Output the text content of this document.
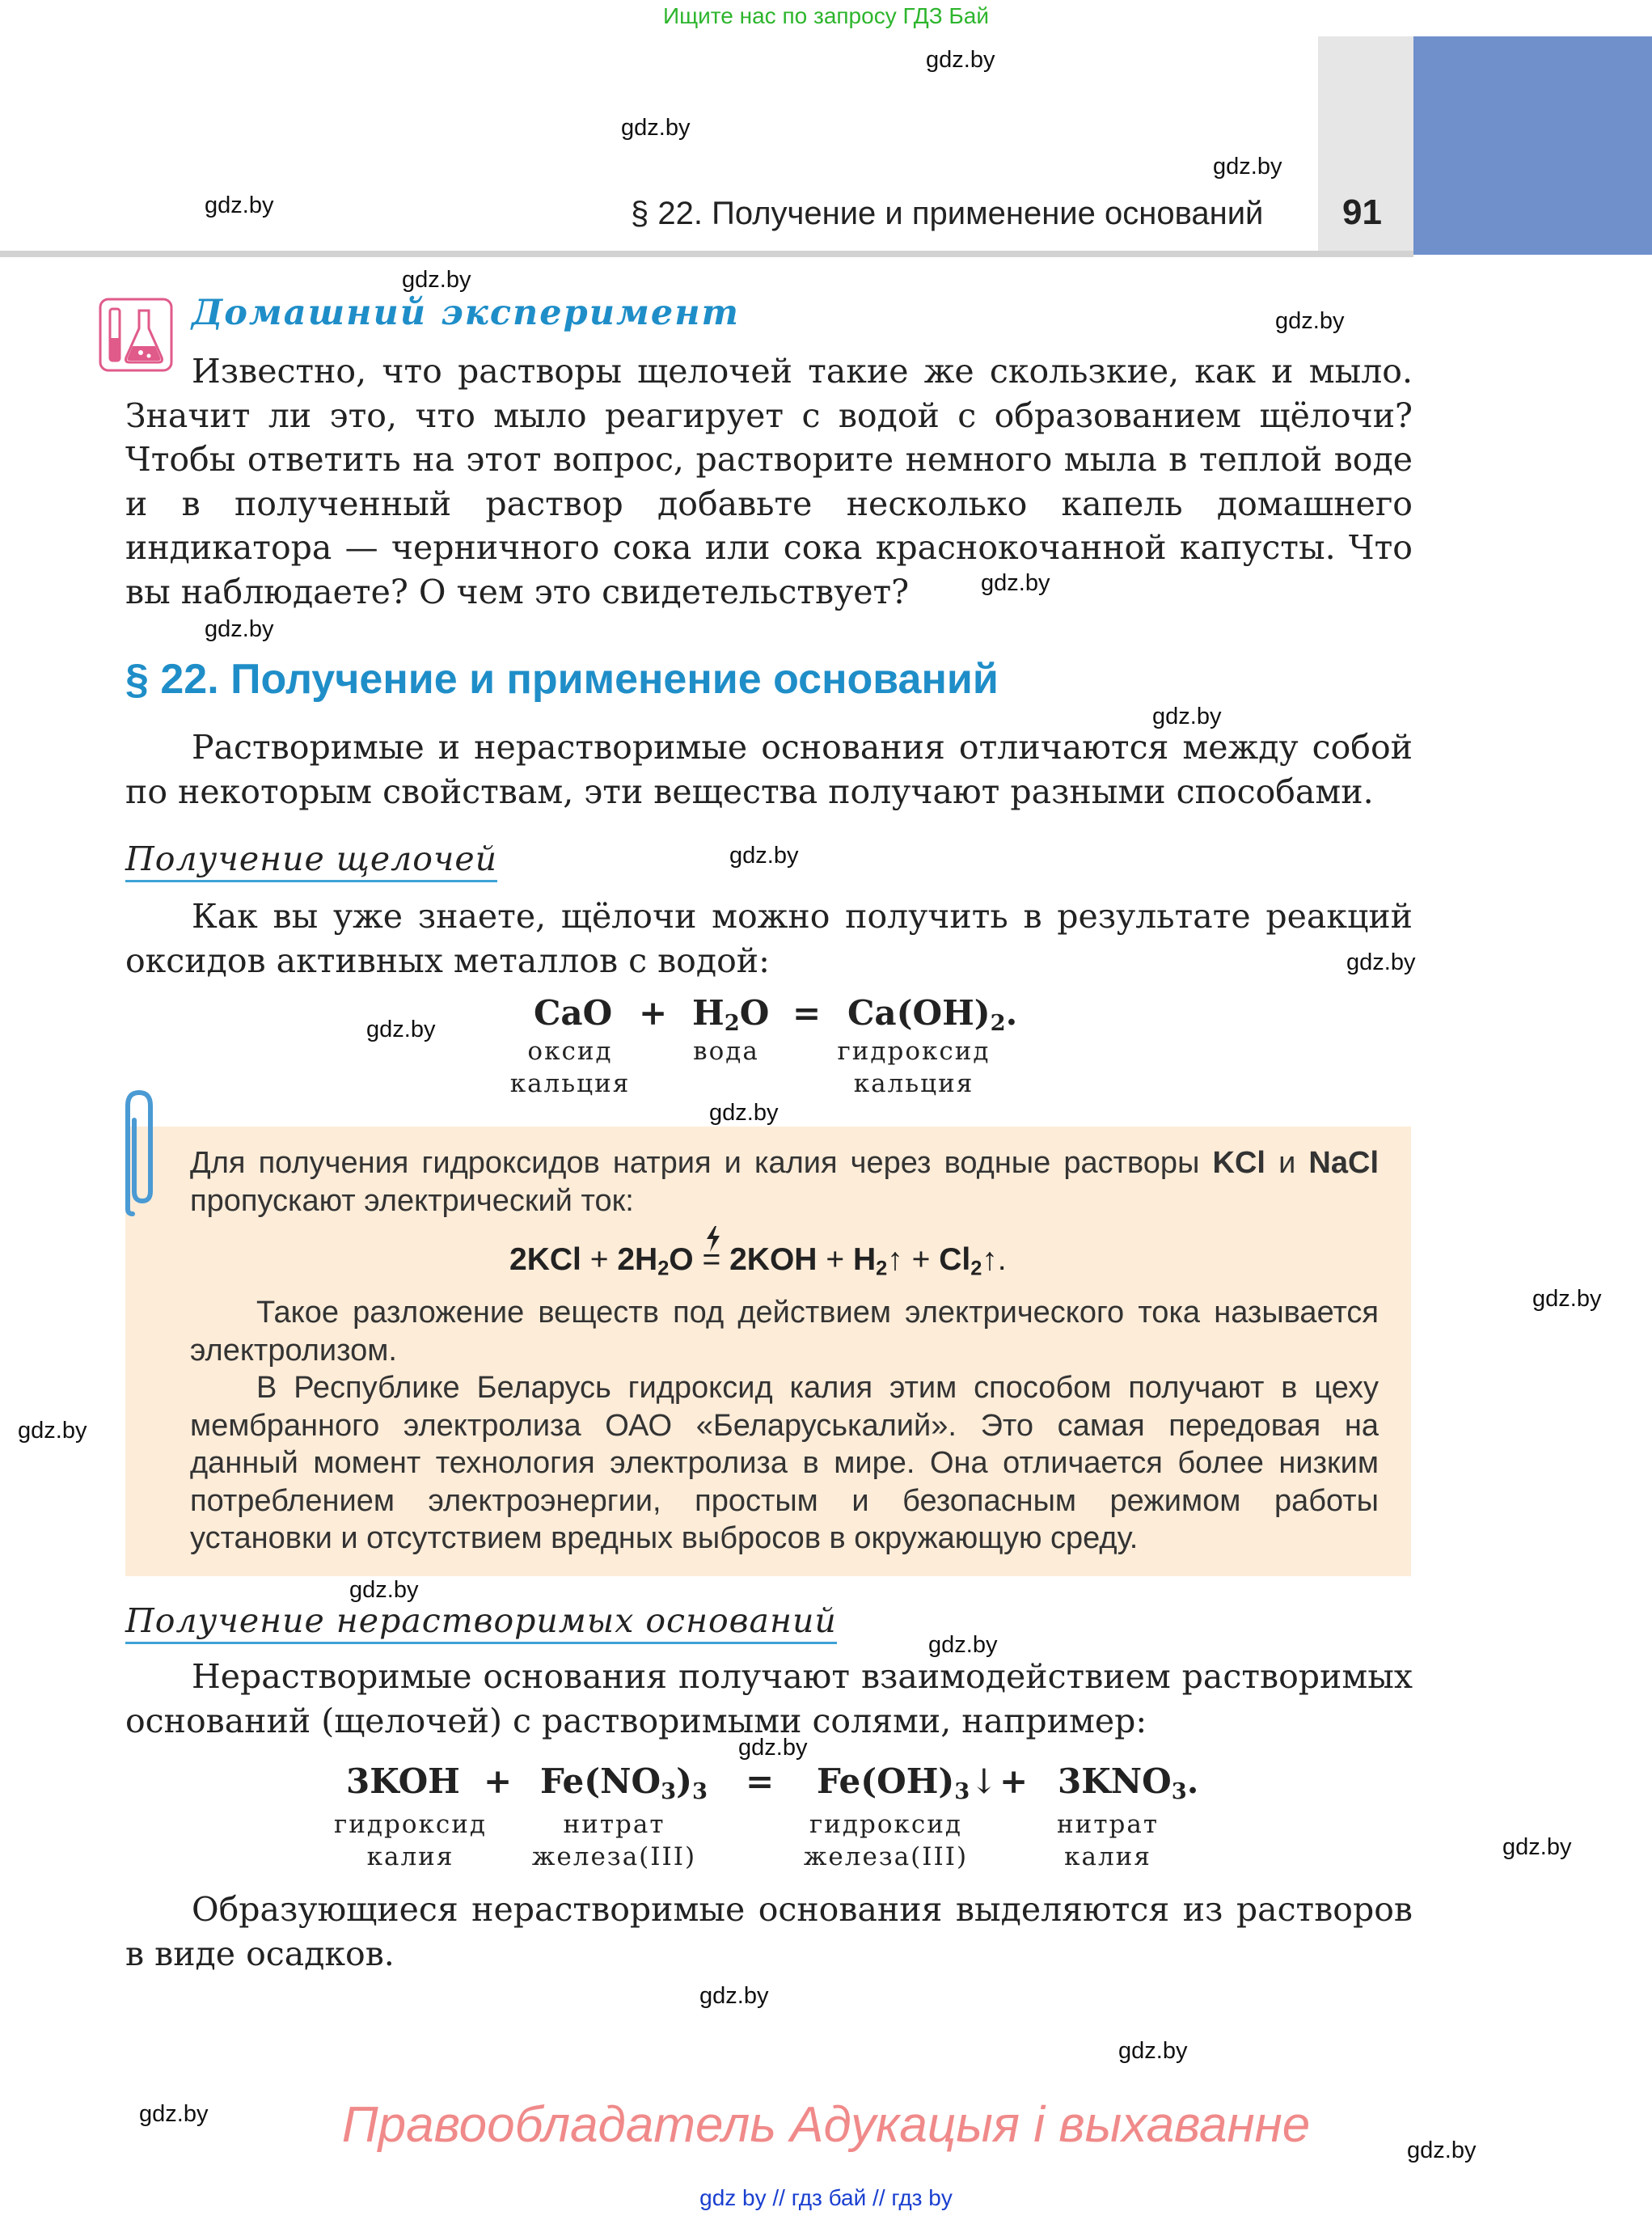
Ищите нас по запросу ГДЗ Бай
§ 22. Получение и применение оснований 91
gdz.by
gdz.by
gdz.by
gdz.by
gdz.by
gdz.by
gdz.by
gdz.by
gdz.by
gdz.by
gdz.by
gdz.by
gdz.by
gdz.by
gdz.by
gdz.by
gdz.by
gdz.by
gdz.by
gdz.by
gdz.by
gdz.by
gdz.by
Домашний эксперимент
Известно, что растворы щелочей такие же скользкие, как и мыло. Значит ли это, что мыло реагирует с водой с образованием щёлочи? Чтобы ответить на этот вопрос, растворите немного мыла в теплой воде и в полученный раствор добавьте несколько капель домашнего индикатора — черничного сока или сока краснокочанной капусты. Что вы наблюдаете? О чем это свидетельствует?
§ 22. Получение и применение оснований
Растворимые и нерастворимые основания отличаются между собой по некоторым свойствам, эти вещества получают разными способами.
Получение щелочей
Как вы уже знаете, щёлочи можно получить в результате реакций оксидов активных металлов с водой:
CaO + $H_2O = Ca(OH)_2$.
оксид
кальция
вода	гидроксид
кальция
Для получения гидроксидов натрия и калия через водные растворы KCl и NaCl пропускают электрический ток:
$2KCl + 2H_2O = 2KOH$ + $H_2↑$ + $Cl_2↑$.
Такое разложение веществ под действием электрического тока называется электролизом.
В Республике Беларусь гидроксид калия этим способом получают в цеху мембранного электролиза ОАО «Беларуськалий». Это самая передовая на данный момент технология электролиза в мире. Она отличается более низким потреблением электроэнергии, простым и безопасным режимом работы установки и отсутствием вредных выбросов в окружающую среду.
Получение нерастворимых оснований
Нерастворимые основания получают взаимодействием растворимых оснований (щелочей) с растворимыми солями, например:
$3KOH + Fe(NO_3)_3$ = $Fe(OH)_3↓ + 3KNO_3$.
гидроксид
калия
нитрат
железа(III)
гидроксид
железа(III)
нитрат
калия
Образующиеся нерастворимые основания выделяются из растворов в виде осадков.
Правообладатель Адукацыя і выхаванне
gdz by // гдз бай // гдз by
